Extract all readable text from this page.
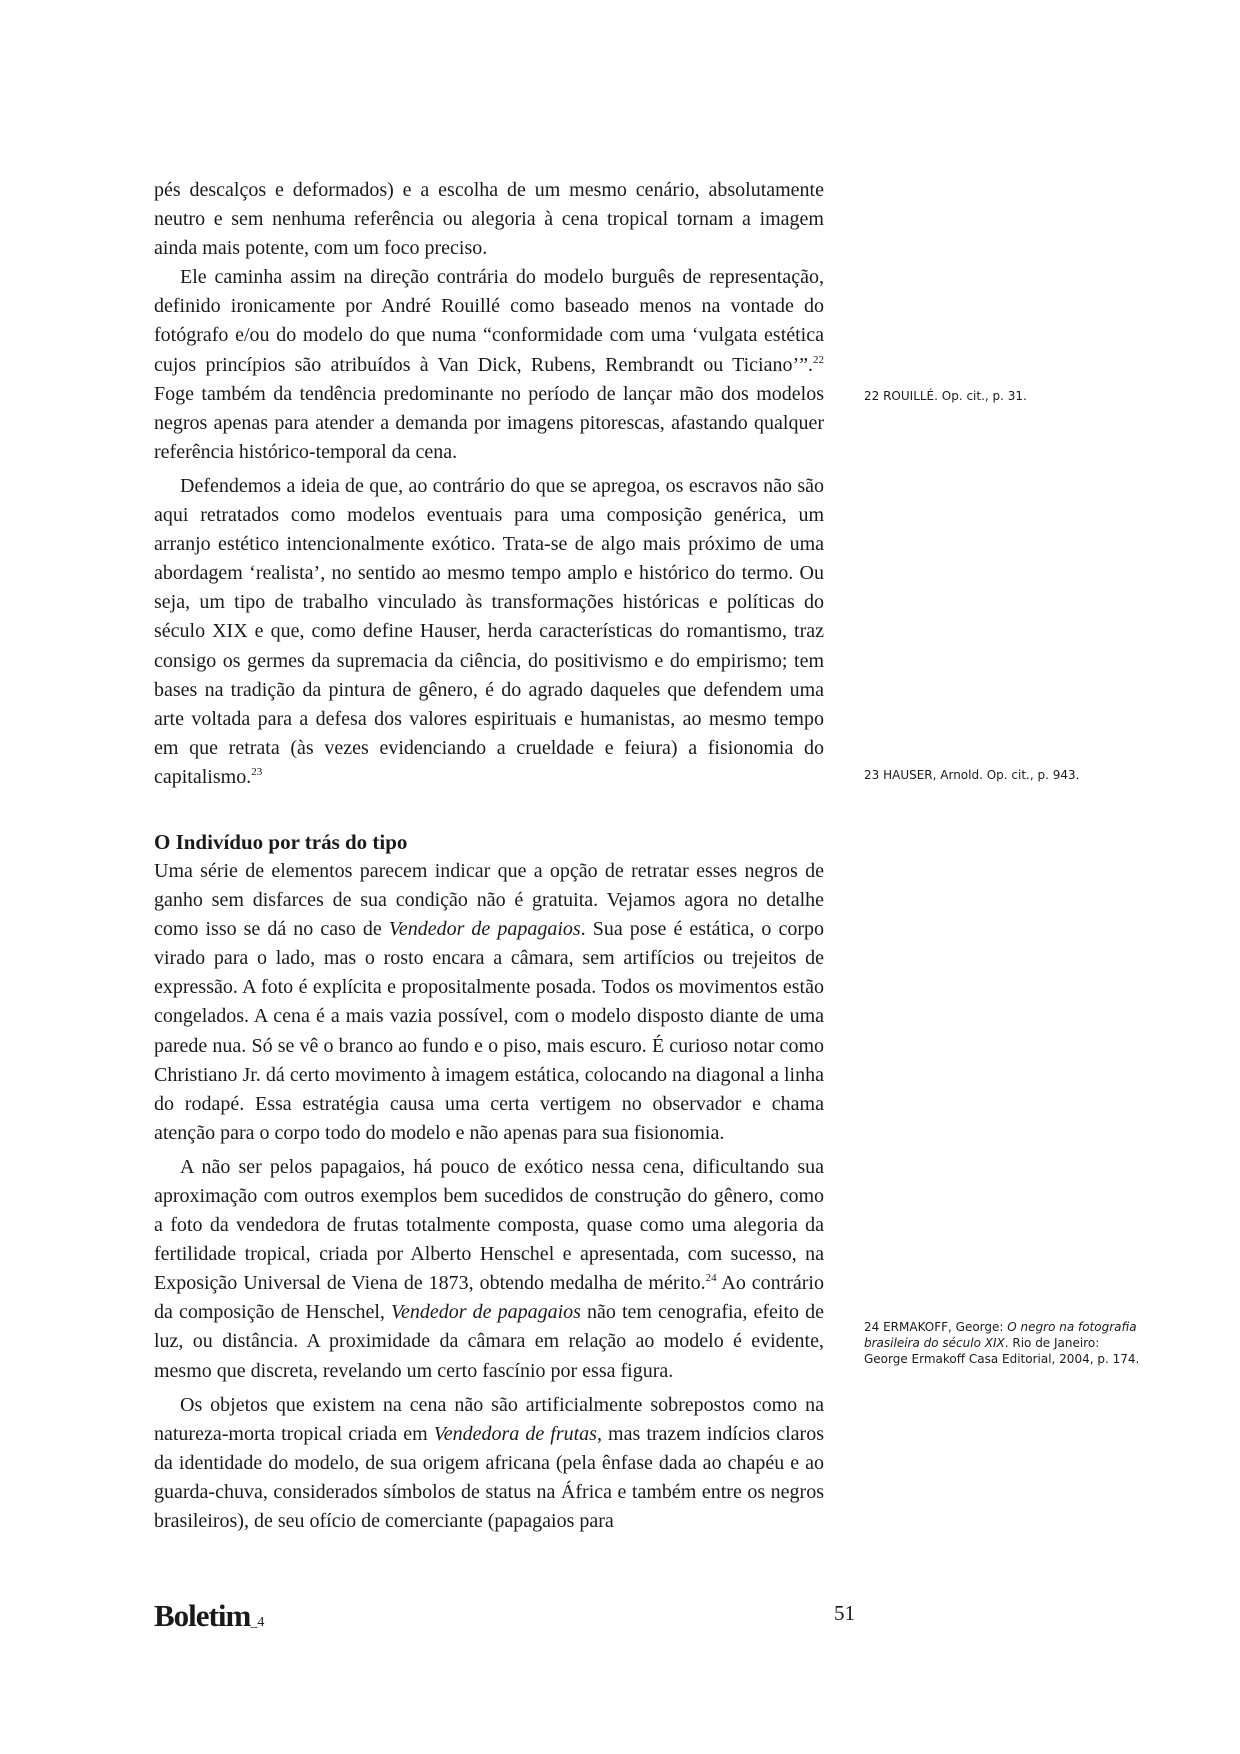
pés descalços e deformados) e a escolha de um mesmo cenário, absolutamente neutro e sem nenhuma referência ou alegoria à cena tropical tornam a imagem ainda mais potente, com um foco preciso.

Ele caminha assim na direção contrária do modelo burguês de representação, definido ironicamente por André Rouillé como baseado menos na vontade do fotógrafo e/ou do modelo do que numa “conformidade com uma ‘vulgata estética cujos princípios são atribuídos à Van Dick, Rubens, Rembrandt ou Ticiano’”.$^{22}$ Foge também da tendência predominante no período de lançar mão dos modelos negros apenas para atender a demanda por imagens pitorescas, afastando qualquer referência histórico-temporal da cena.

Defendemos a ideia de que, ao contrário do que se apregoa, os escravos não são aqui retratados como modelos eventuais para uma composição genérica, um arranjo estético intencionalmente exótico. Trata-se de algo mais próximo de uma abordagem ‘realista’, no sentido ao mesmo tempo amplo e histórico do termo. Ou seja, um tipo de trabalho vinculado às transformações históricas e políticas do século XIX e que, como define Hauser, herda características do romantismo, traz consigo os germes da supremacia da ciência, do positivismo e do empirismo; tem bases na tradição da pintura de gênero, é do agrado daqueles que defendem uma arte voltada para a defesa dos valores espirituais e humanistas, ao mesmo tempo em que retrata (às vezes evidenciando a crueldade e feiura) a fisionomia do capitalismo.$^{23}$

O Indivíduo por trás do tipo

Uma série de elementos parecem indicar que a opção de retratar esses negros de ganho sem disfarces de sua condição não é gratuita. Vejamos agora no detalhe como isso se dá no caso de Vendedor de papagaios. Sua pose é estática, o corpo virado para o lado, mas o rosto encara a câmara, sem artifícios ou trejeitos de expressão. A foto é explícita e propositalmente posada. Todos os movimentos estão congelados. A cena é a mais vazia possível, com o modelo disposto diante de uma parede nua. Só se vê o branco ao fundo e o piso, mais escuro. É curioso notar como Christiano Jr. dá certo movimento à imagem estática, colocando na diagonal a linha do rodapé. Essa estratégia causa uma certa vertigem no observador e chama atenção para o corpo todo do modelo e não apenas para sua fisionomia.

A não ser pelos papagaios, há pouco de exótico nessa cena, dificultando sua aproximação com outros exemplos bem sucedidos de construção do gênero, como a foto da vendedora de frutas totalmente composta, quase como uma alegoria da fertilidade tropical, criada por Alberto Henschel e apresentada, com sucesso, na Exposição Universal de Viena de 1873, obtendo medalha de mérito.$^{24}$ Ao contrário da composição de Henschel, Vendedor de papagaios não tem cenografia, efeito de luz, ou distância. A proximidade da câmara em relação ao modelo é evidente, mesmo que discreta, revelando um certo fascínio por essa figura.

Os objetos que existem na cena não são artificialmente sobrepostos como na natureza-morta tropical criada em Vendedora de frutas, mas trazem indícios claros da identidade do modelo, de sua origem africana (pela ênfase dada ao chapéu e ao guarda-chuva, considerados símbolos de status na África e também entre os negros brasileiros), de seu ofício de comerciante (papagaios para

22 ROUILLÉ. Op. cit., p. 31.
23 HAUSER, Arnold. Op. cit., p. 943.
24 ERMAKOFF, George: O negro na fotografia brasileira do século XIX. Rio de Janeiro: George Ermakoff Casa Editorial, 2004, p. 174.
Boletim_4	51
